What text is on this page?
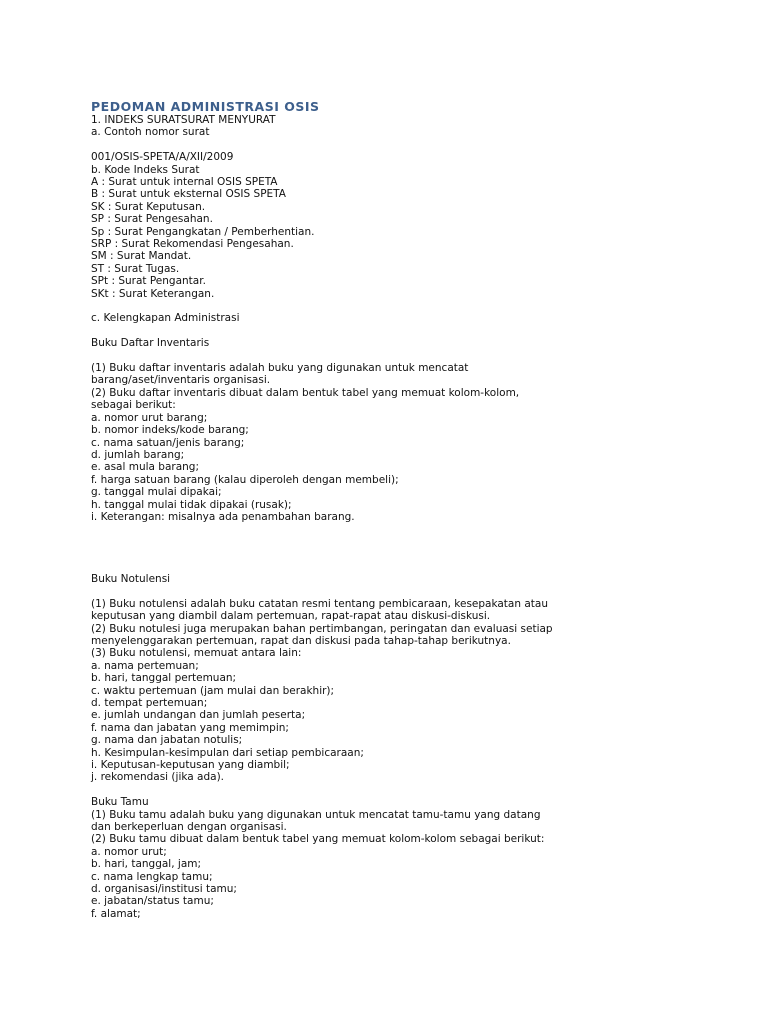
PEDOMAN ADMINISTRASI OSIS
1. INDEKS SURATSURAT MENYURAT
a. Contoh nomor surat
001/OSIS-SPETA/A/XII/2009
b. Kode Indeks Surat
A : Surat untuk internal OSIS SPETA
B : Surat untuk eksternal OSIS SPETA
SK : Surat Keputusan.
SP : Surat Pengesahan.
Sp : Surat Pengangkatan / Pemberhentian.
SRP : Surat Rekomendasi Pengesahan.
SM : Surat Mandat.
ST : Surat Tugas.
SPt : Surat Pengantar.
SKt : Surat Keterangan.
c. Kelengkapan Administrasi
Buku Daftar Inventaris
(1) Buku daftar inventaris adalah buku yang digunakan untuk mencatat
barang/aset/inventaris organisasi.
(2) Buku daftar inventaris dibuat dalam bentuk tabel yang memuat kolom-kolom,
sebagai berikut:
a. nomor urut barang;
b. nomor indeks/kode barang;
c. nama satuan/jenis barang;
d. jumlah barang;
e. asal mula barang;
f. harga satuan barang (kalau diperoleh dengan membeli);
g. tanggal mulai dipakai;
h. tanggal mulai tidak dipakai (rusak);
i. Keterangan: misalnya ada penambahan barang.
Buku Notulensi
(1) Buku notulensi adalah buku catatan resmi tentang pembicaraan, kesepakatan atau
keputusan yang diambil dalam pertemuan, rapat-rapat atau diskusi-diskusi.
(2) Buku notulesi juga merupakan bahan pertimbangan, peringatan dan evaluasi setiap
menyelenggarakan pertemuan, rapat dan diskusi pada tahap-tahap berikutnya.
(3) Buku notulensi, memuat antara lain:
a. nama pertemuan;
b. hari, tanggal pertemuan;
c. waktu pertemuan (jam mulai dan berakhir);
d. tempat pertemuan;
e. jumlah undangan dan jumlah peserta;
f. nama dan jabatan yang memimpin;
g. nama dan jabatan notulis;
h. Kesimpulan-kesimpulan dari setiap pembicaraan;
i. Keputusan-keputusan yang diambil;
j. rekomendasi (jika ada).
Buku Tamu
(1) Buku tamu adalah buku yang digunakan untuk mencatat tamu-tamu yang datang
dan berkeperluan dengan organisasi.
(2) Buku tamu dibuat dalam bentuk tabel yang memuat kolom-kolom sebagai berikut:
a. nomor urut;
b. hari, tanggal, jam;
c. nama lengkap tamu;
d. organisasi/institusi tamu;
e. jabatan/status tamu;
f. alamat;
